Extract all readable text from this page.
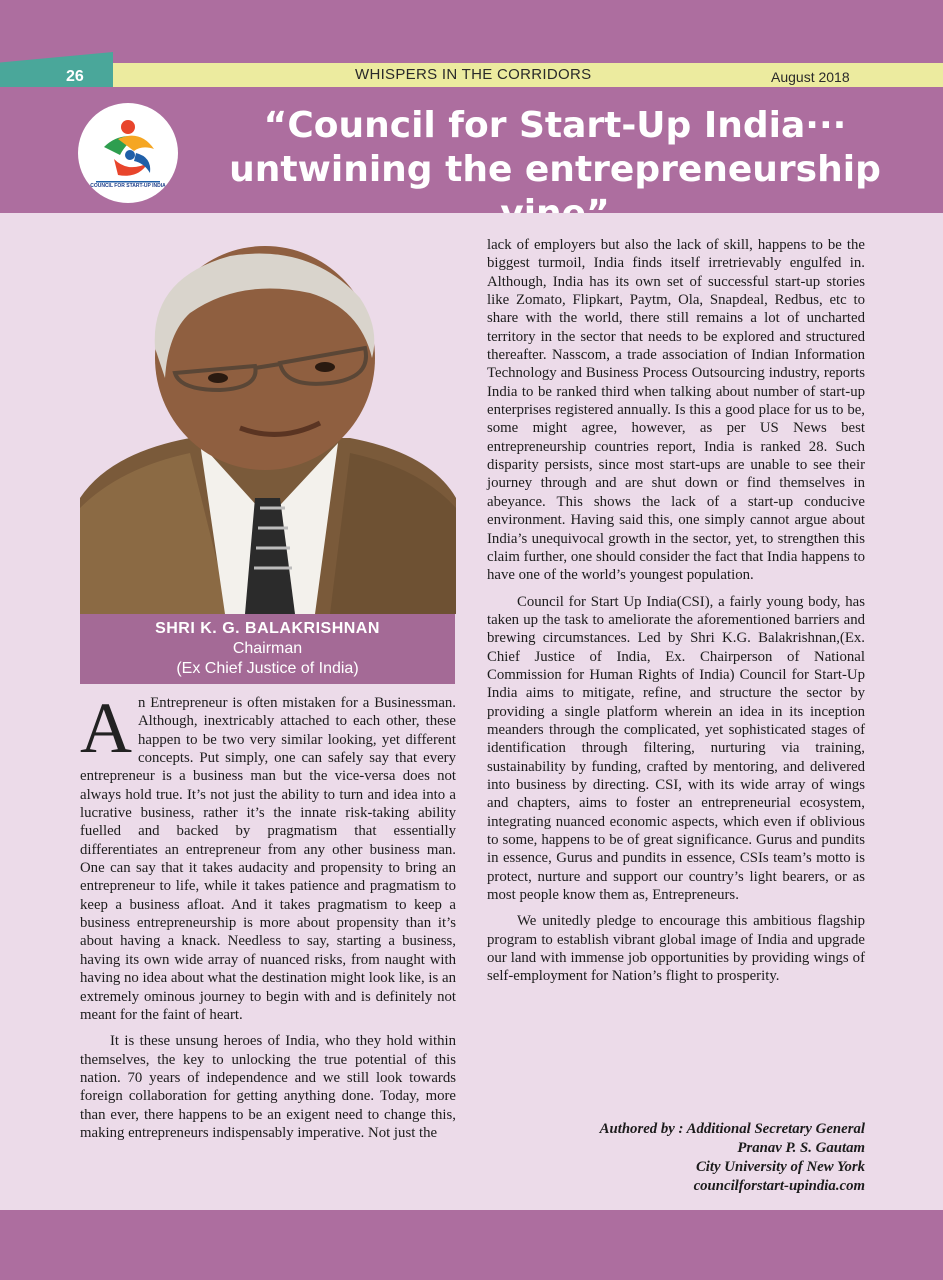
26	WHISPERS IN THE CORRIDORS	August 2018
COUNCIL FOR START-UP INDIA
“Council for Start-Up India···
untwining the entrepreneurship
SHRI K. G. BALAKRISHNAN
Chairman
(Ex Chief Justice of India)

An Entrepreneur is often mistaken for a Businessman. Although, inextricably attached to each other, these happen to be two very similar looking, yet different concepts. Put simply, one can safely say that every entrepreneur is a business man but the vice-versa does not always hold true. It’s not just the ability to turn and idea into a lucrative business, rather it’s the innate risk-taking ability fuelled and backed by pragmatism that essentially differentiates an entrepreneur from any other business man. One can say that it takes audacity and propensity to bring an entrepreneur to life, while it takes patience and pragmatism to keep a business afloat. And it takes pragmatism to keep a business entrepreneurship is more about propensity than it’s about having a knack. Needless to say, starting a business, having its own wide array of nuanced risks, from naught with having no idea about what the destination might look like, is an extremely ominous journey to begin with and is definitely not meant for the faint of heart.

It is these unsung heroes of India, who they hold within themselves, the key to unlocking the true potential of this nation. 70 years of independence and we still look towards foreign collaboration for getting anything done. Today, more than ever, there happens to be an exigent need to change this, making entrepreneurs indispensably imperative. Not just the

lack of employers but also the lack of skill, happens to be the biggest turmoil, India finds itself irretrievably engulfed in. Although, India has its own set of successful start-up stories like Zomato, Flipkart, Paytm, Ola, Snapdeal, Redbus, etc to share with the world, there still remains a lot of uncharted territory in the sector that needs to be explored and structured thereafter. Nasscom, a trade association of Indian Information Technology and Business Process Outsourcing industry, reports India to be ranked third when talking about number of start-up enterprises registered annually. Is this a good place for us to be, some might agree, however, as per US News best entrepreneurship countries report, India is ranked 28. Such disparity persists, since most start-ups are unable to see their journey through and are shut down or find themselves in abeyance. This shows the lack of a start-up conducive environment. Having said this, one simply cannot argue about India’s unequivocal growth in the sector, yet, to strengthen this claim further, one should consider the fact that India happens to have one of the world’s youngest population.

Council for Start Up India(CSI), a fairly young body, has taken up the task to ameliorate the aforementioned barriers and brewing circumstances. Led by Shri K.G. Balakrishnan,(Ex. Chief Justice of India, Ex. Chairperson of National Commission for Human Rights of India) Council for Start-Up India aims to mitigate, refine, and structure the sector by providing a single platform wherein an idea in its inception meanders through the complicated, yet sophisticated stages of identification through filtering, nurturing via training, sustainability by funding, crafted by mentoring, and delivered into business by directing. CSI, with its wide array of wings and chapters, aims to foster an entrepreneurial ecosystem, integrating nuanced economic aspects, which even if oblivious to some, happens to be of great significance. Gurus and pundits in essence, Gurus and pundits in essence, CSIs team’s motto is protect, nurture and support our country’s light bearers, or as most people know them as, Entrepreneurs.

We unitedly pledge to encourage this ambitious flagship program to establish vibrant global image of India and upgrade our land with immense job opportunities by providing wings of self-employment for Nation’s flight to prosperity.

Authored by : Additional Secretary General
Pranav P. S. Gautam
City University of New York
councilforstart-upindia.com
